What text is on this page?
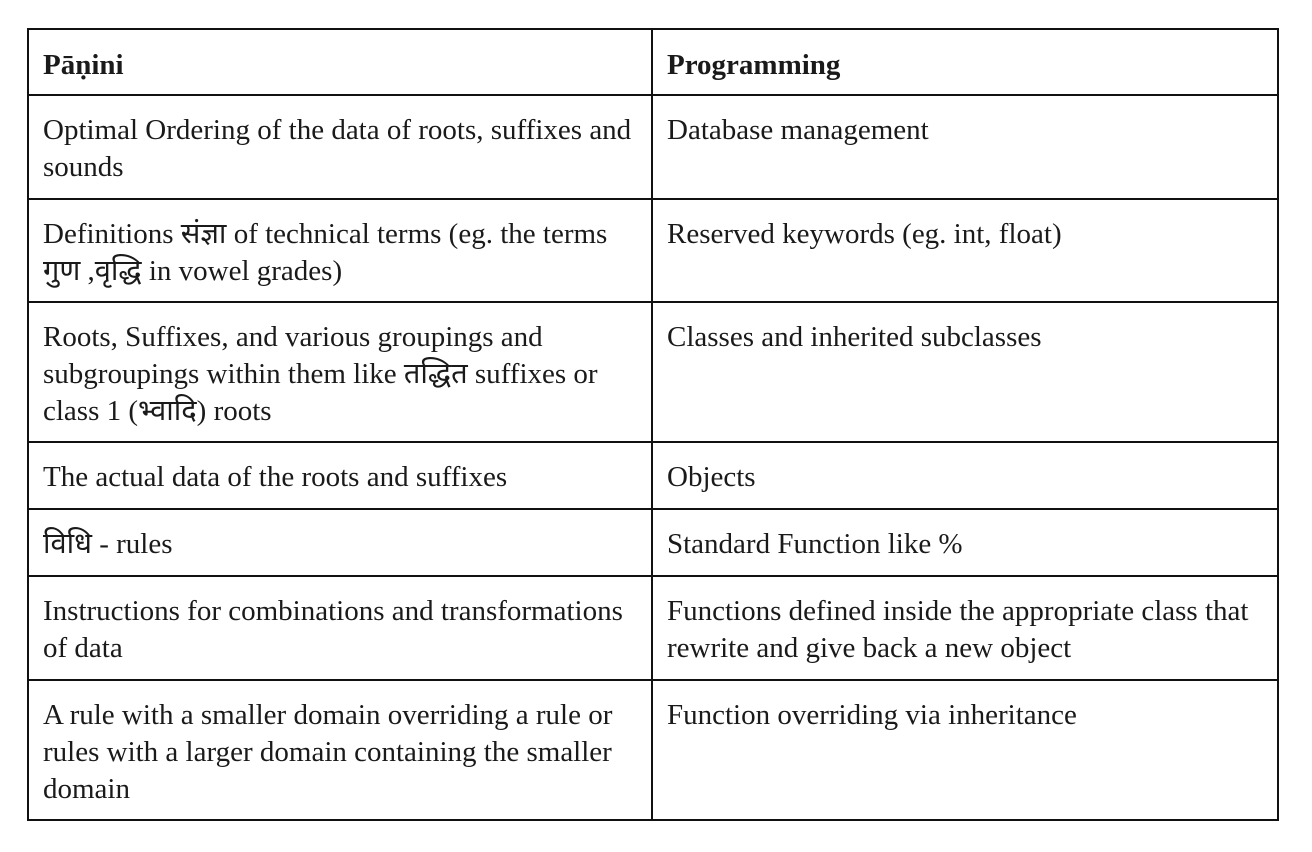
Pāṇini	Programming
Optimal Ordering of the data of roots, suffixes and sounds	Database management
Definitions संज्ञा of technical terms (eg. the terms गुण ,वृद्धि in vowel grades)	Reserved keywords (eg. int, float)
Roots, Suffixes, and various groupings and subgroupings within them like तद्धित suffixes or class 1 (भ्वादि) roots	Classes and inherited subclasses
The actual data of the roots and suffixes	Objects
विधि - rules	Standard Function like %
Instructions for combinations and transformations of data	Functions defined inside the appropriate class that rewrite and give back a new object
A rule with a smaller domain overriding a rule or rules with a larger domain containing the smaller domain	Function overriding via inheritance
